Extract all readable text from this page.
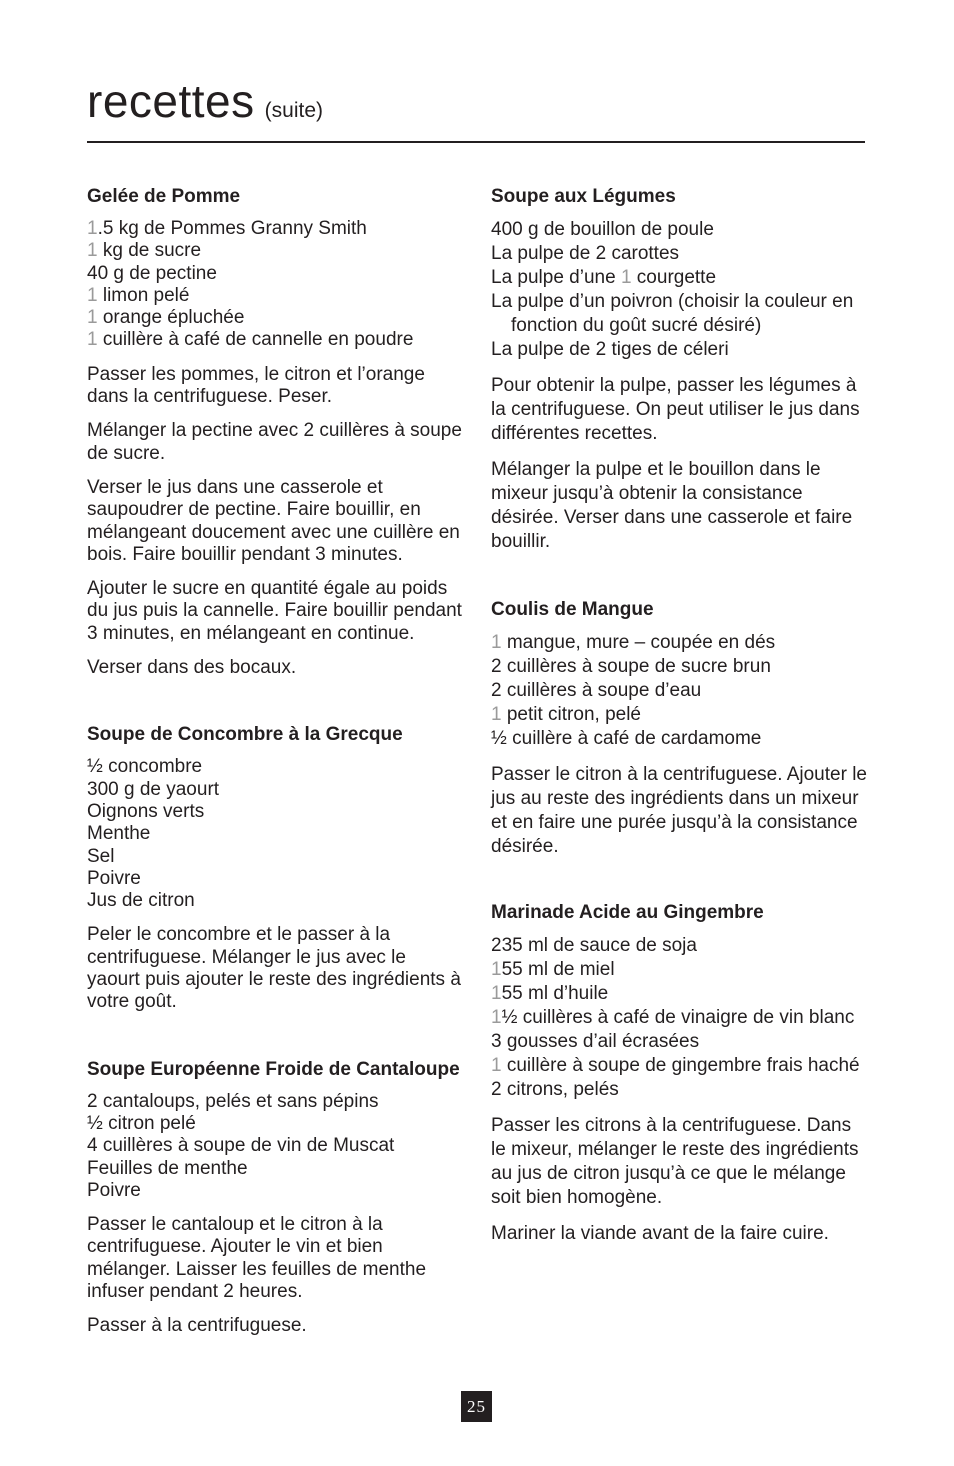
recettes (suite)
Gelée de Pomme
1.5 kg de Pommes Granny Smith
1 kg de sucre
40 g de pectine
1 limon pelé
1 orange épluchée
1 cuillère à café de cannelle en poudre

Passer les pommes, le citron et l’orange dans la centrifuguese. Peser.

Mélanger la pectine avec 2 cuillères à soupe de sucre.

Verser le jus dans une casserole et saupoudrer de pectine. Faire bouillir, en mélangeant doucement avec une cuillère en bois. Faire bouillir pendant 3 minutes.

Ajouter le sucre en quantité égale au poids du jus puis la cannelle. Faire bouillir pendant 3 minutes, en mélangeant en continue.

Verser dans des bocaux.

Soupe de Concombre à la Grecque
½ concombre
300 g de yaourt
Oignons verts
Menthe
Sel
Poivre
Jus de citron

Peler le concombre et le passer à la centrifuguese. Mélanger le jus avec le yaourt puis ajouter le reste des ingrédients à votre goût.

Soupe Européenne Froide de Cantaloupe
2 cantaloups, pelés et sans pépins
½ citron pelé
4 cuillères à soupe de vin de Muscat
Feuilles de menthe
Poivre

Passer le cantaloup et le citron à la centrifuguese. Ajouter le vin et bien mélanger. Laisser les feuilles de menthe infuser pendant 2 heures.

Passer à la centrifuguese.

Soupe aux Légumes
400 g de bouillon de poule
La pulpe de 2 carottes
La pulpe d’une 1 courgette
La pulpe d’un poivron (choisir la couleur en fonction du goût sucré désiré)
La pulpe de 2 tiges de céleri

Pour obtenir la pulpe, passer les légumes à la centrifuguese. On peut utiliser le jus dans différentes recettes.

Mélanger la pulpe et le bouillon dans le mixeur jusqu’à obtenir la consistance désirée. Verser dans une casserole et faire bouillir.

Coulis de Mangue
1 mangue, mure – coupée en dés
2 cuillères à soupe de sucre brun
2 cuillères à soupe d’eau
1 petit citron, pelé
½ cuillère à café de cardamome

Passer le citron à la centrifuguese. Ajouter le jus au reste des ingrédients dans un mixeur et en faire une purée jusqu’à la consistance désirée.

Marinade Acide au Gingembre
235 ml de sauce de soja
155 ml de miel
155 ml d’huile
1½ cuillères à café de vinaigre de vin blanc
3 gousses d’ail écrasées
1 cuillère à soupe de gingembre frais haché
2 citrons, pelés

Passer les citrons à la centrifuguese. Dans le mixeur, mélanger le reste des ingrédients au jus de citron jusqu’à ce que le mélange soit bien homogène.

Mariner la viande avant de la faire cuire.

25
